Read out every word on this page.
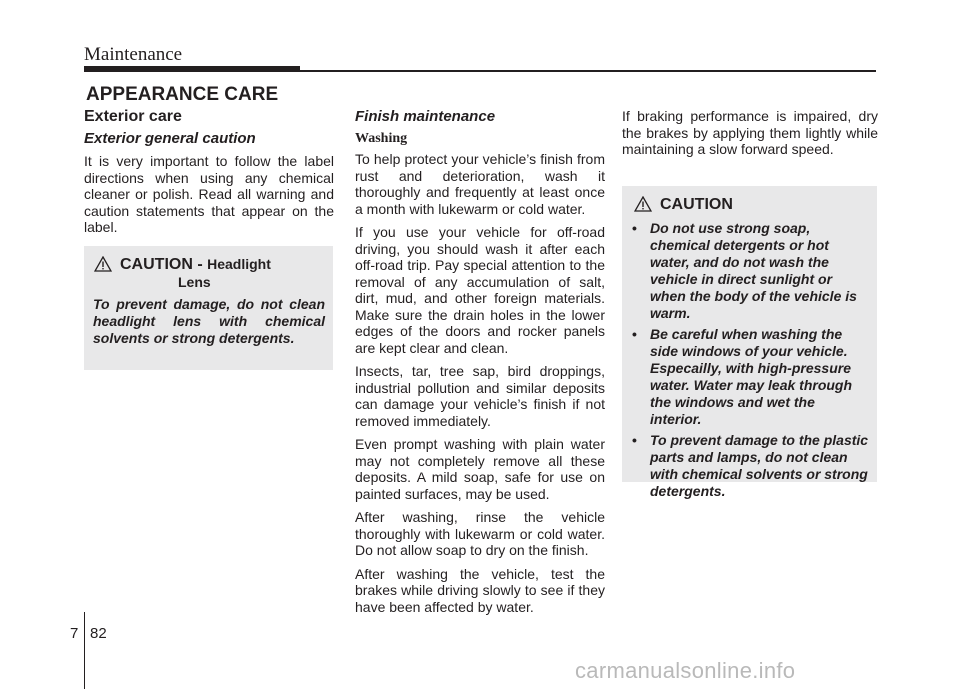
Maintenance
APPEARANCE CARE
Exterior care
Exterior general caution

It is very important to follow the label directions when using any chemical cleaner or polish. Read all warning and caution statements that appear on the label.

CAUTION - Headlight
Lens
To prevent damage, do not clean headlight lens with chemical solvents or strong detergents.
Finish maintenance
Washing

To help protect your vehicle’s finish from rust and deterioration, wash it thoroughly and frequently at least once a month with lukewarm or cold water.

If you use your vehicle for off-road driving, you should wash it after each off-road trip. Pay special attention to the removal of any accumulation of salt, dirt, mud, and other foreign materials. Make sure the drain holes in the lower edges of the doors and rocker panels are kept clear and clean.

Insects, tar, tree sap, bird droppings, industrial pollution and similar deposits can damage your vehicle’s finish if not removed immediately.

Even prompt washing with plain water may not completely remove all these deposits. A mild soap, safe for use on painted surfaces, may be used.

After washing, rinse the vehicle thoroughly with lukewarm or cold water. Do not allow soap to dry on the finish.

After washing the vehicle, test the brakes while driving slowly to see if they have been affected by water.

If braking performance is impaired, dry the brakes by applying them lightly while maintaining a slow forward speed.

CAUTION
• Do not use strong soap, chemical detergents or hot water, and do not wash the vehicle in direct sunlight or when the body of the vehicle is warm.
• Be careful when washing the side windows of your vehicle. Especailly, with high-pressure water. Water may leak through the windows and wet the interior.
• To prevent damage to the plastic parts and lamps, do not clean with chemical solvents or strong detergents.
7 82
carmanualsonline.info
